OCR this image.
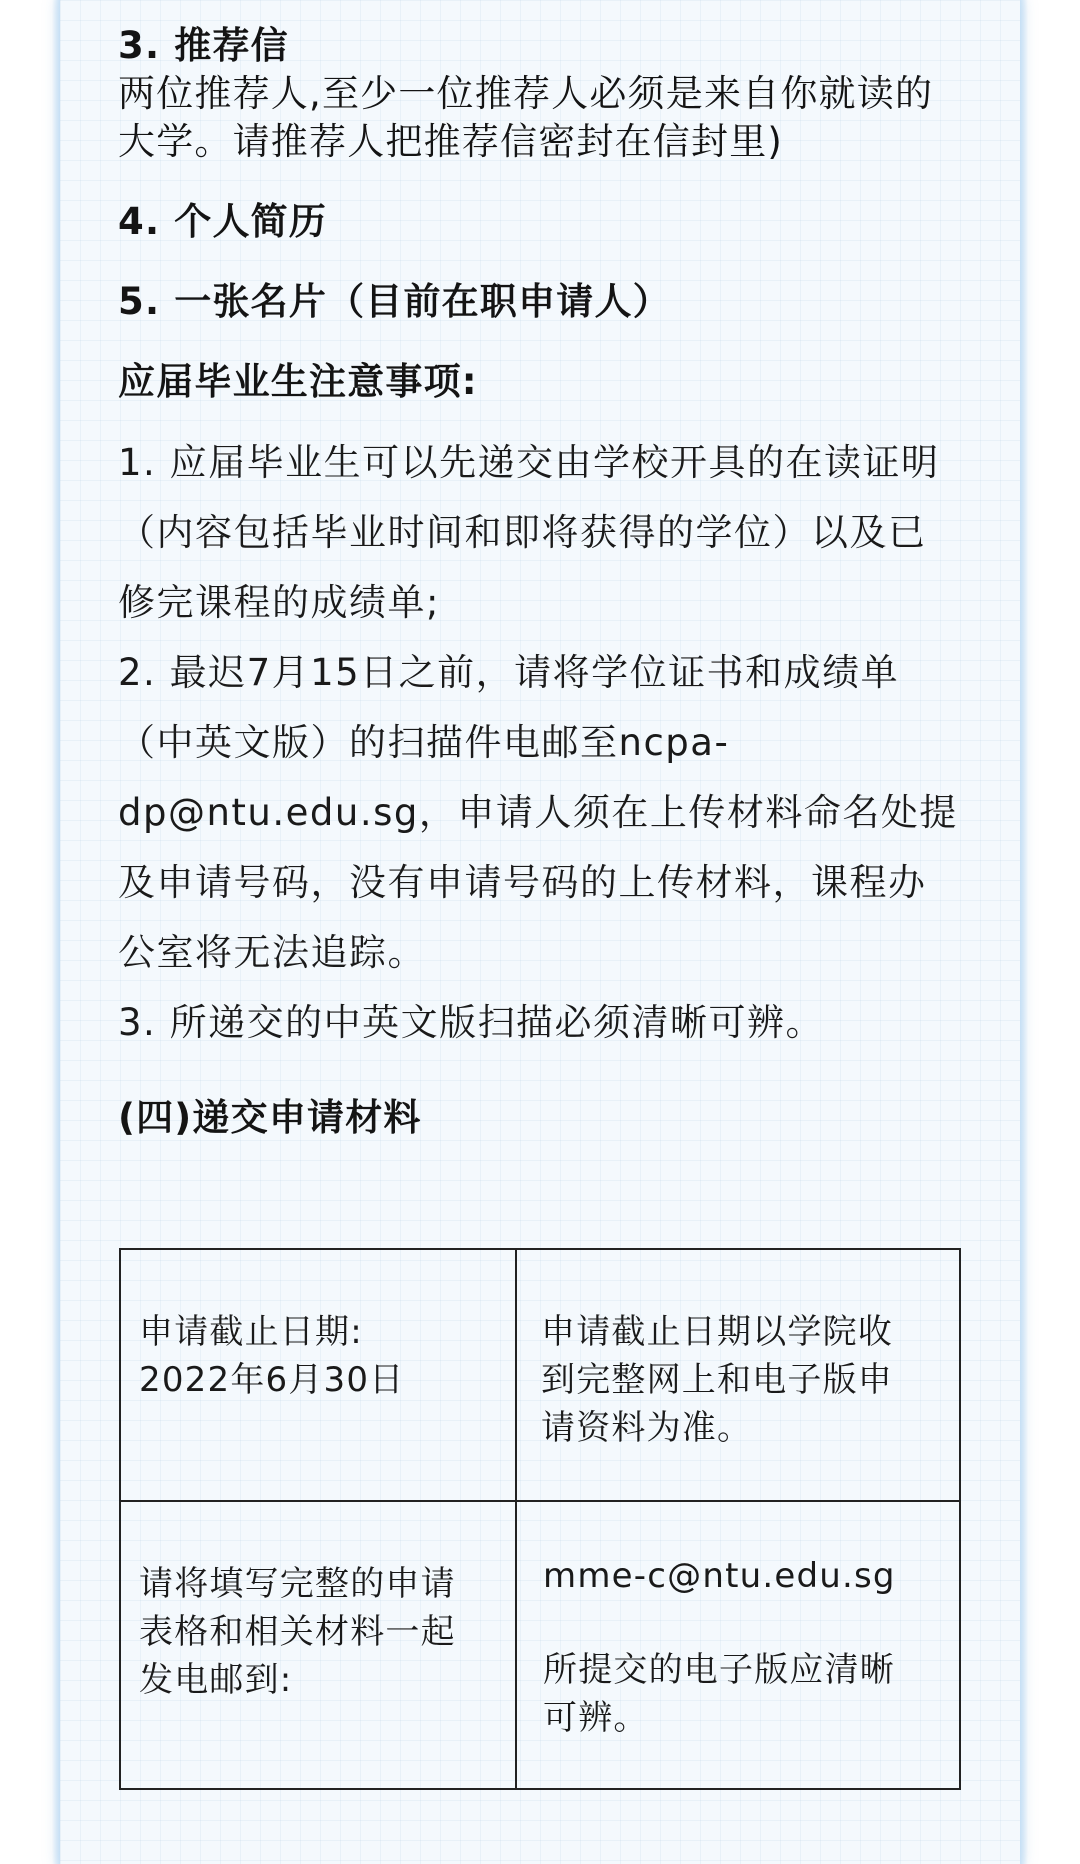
3. 推荐信

两位推荐人,至少一位推荐人必须是来自你就读的

大学。请推荐人把推荐信密封在信封里)

4. 个人简历

5. 一张名片（目前在职申请人）

应届毕业生注意事项:

1. 应届毕业生可以先递交由学校开具的在读证明

（内容包括毕业时间和即将获得的学位）以及已

修完课程的成绩单;

2. 最迟7月15日之前，请将学位证书和成绩单

（中英文版）的扫描件电邮至ncpa-

dp@ntu.edu.sg，申请人须在上传材料命名处提

及申请号码，没有申请号码的上传材料，课程办

公室将无法追踪。

3. 所递交的中英文版扫描必须清晰可辨。

(四)递交申请材料

申请截止日期:

2022年6月30日

申请截止日期以学院收

到完整网上和电子版申

请资料为准。

请将填写完整的申请

表格和相关材料一起

发电邮到:

mme-c@ntu.edu.sg

所提交的电子版应清晰

可辨。
